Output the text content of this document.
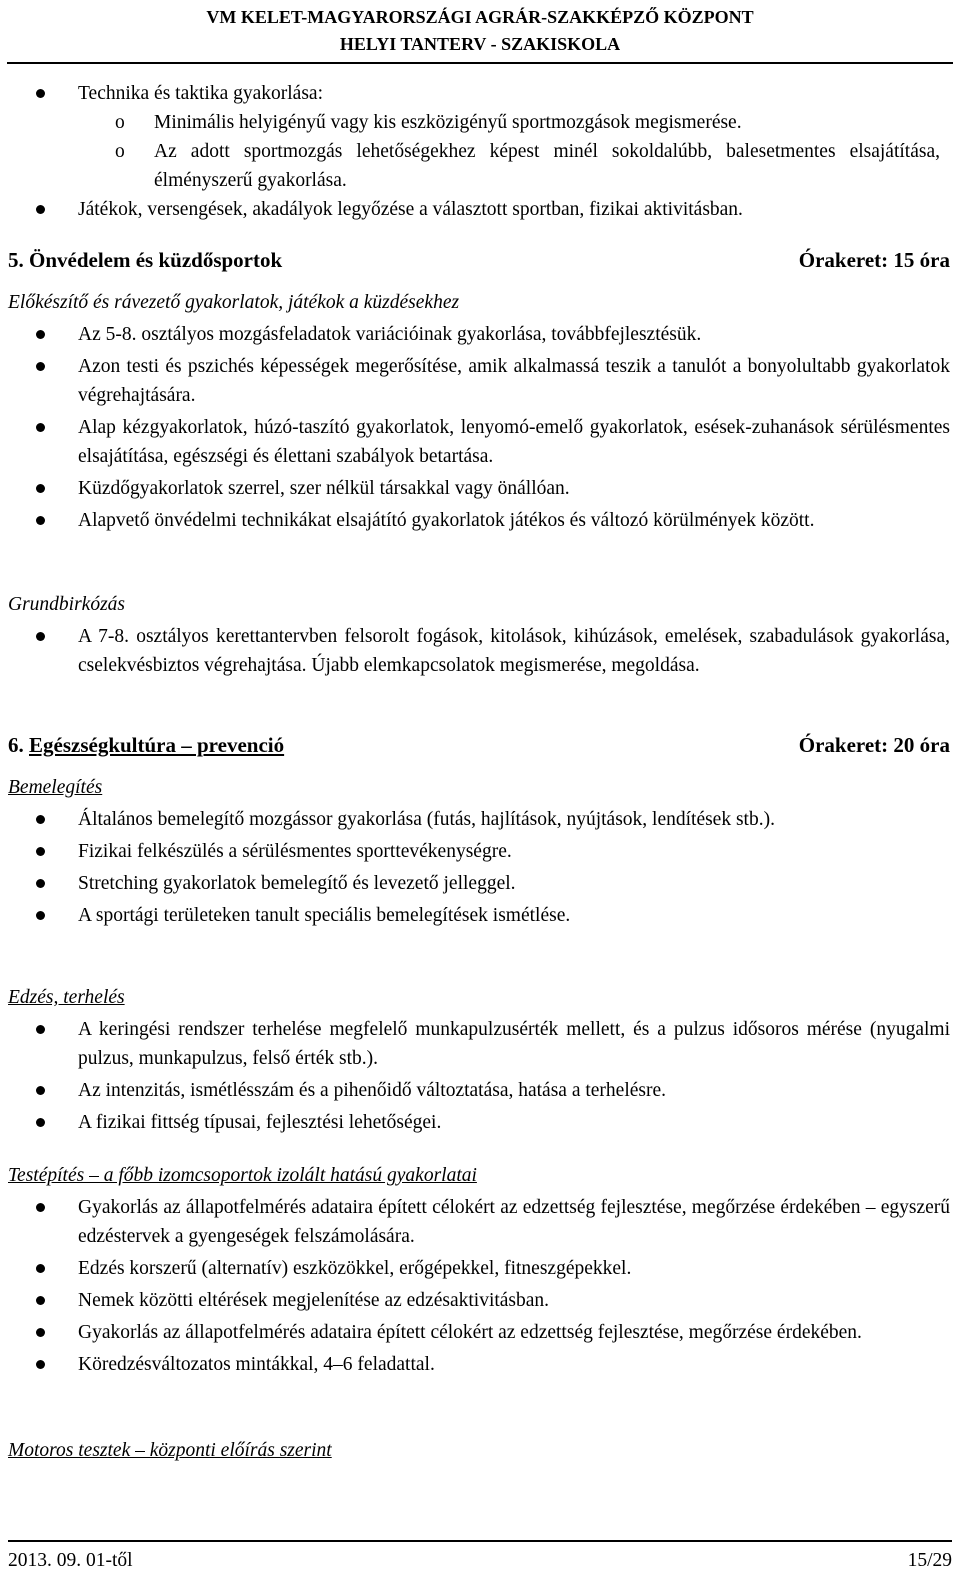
VM KELET-MAGYARORSZÁGI AGRÁR-SZAKKÉPZŐ KÖZPONT
HELYI TANTERV - SZAKISKOLA
Technika és taktika gyakorlása:
o Minimális helyigényű vagy kis eszközigényű sportmozgások megismerése.
o Az adott sportmozgás lehetőségekhez képest minél sokoldalúbb, balesetmentes elsajátítása, élményszerű gyakorlása.
Játékok, versengések, akadályok legyőzése a választott sportban, fizikai aktivitásban.
5. Önvédelem és küzdősportok	Órakeret: 15 óra
Előkészítő és rávezető gyakorlatok, játékok a küzdésekhez
Az 5-8. osztályos mozgásfeladatok variációinak gyakorlása, továbbfejlesztésük.
Azon testi és pszichés képességek megerősítése, amik alkalmassá teszik a tanulót a bonyolultabb gyakorlatok végrehajtására.
Alap kézgyakorlatok, húzó-taszító gyakorlatok, lenyomó-emelő gyakorlatok, esések-zuhanások sérülésmentes elsajátítása, egészségi és élettani szabályok betartása.
Küzdőgyakorlatok szerrel, szer nélkül társakkal vagy önállóan.
Alapvető önvédelmi technikákat elsajátító gyakorlatok játékos és változó körülmények között.
Grundbirkózás
A 7-8. osztályos kerettantervben felsorolt fogások, kitolások, kihúzások, emelések, szabadulások gyakorlása, cselekvésbiztos végrehajtása. Újabb elemkapcsolatok megismerése, megoldása.
6. Egészségkultúra – prevenció	Órakeret: 20 óra
Bemelegítés
Általános bemelegítő mozgássor gyakorlása (futás, hajlítások, nyújtások, lendítések stb.).
Fizikai felkészülés a sérülésmentes sporttevékenységre.
Stretching gyakorlatok bemelegítő és levezető jelleggel.
A sportági területeken tanult speciális bemelegítések ismétlése.
Edzés, terhelés
A keringési rendszer terhelése megfelelő munkapulzusérték mellett, és a pulzus idősoros mérése (nyugalmi pulzus, munkapulzus, felső érték stb.).
Az intenzitás, ismétlésszám és a pihenőidő változtatása, hatása a terhelésre.
A fizikai fittség típusai, fejlesztési lehetőségei.
Testépítés – a főbb izomcsoportok izolált hatású gyakorlatai
Gyakorlás az állapotfelmérés adataira épített célokért az edzettség fejlesztése, megőrzése érdekében – egyszerű edzéstervek a gyengeségek felszámolására.
Edzés korszerű (alternatív) eszközökkel, erőgépekkel, fitneszgépekkel.
Nemek közötti eltérések megjelenítése az edzésaktivitásban.
Gyakorlás az állapotfelmérés adataira épített célokért az edzettség fejlesztése, megőrzése érdekében.
Köredzésváltozatos mintákkal, 4–6 feladattal.
Motoros tesztek – központi előírás szerint
2013. 09. 01-től	15/29
